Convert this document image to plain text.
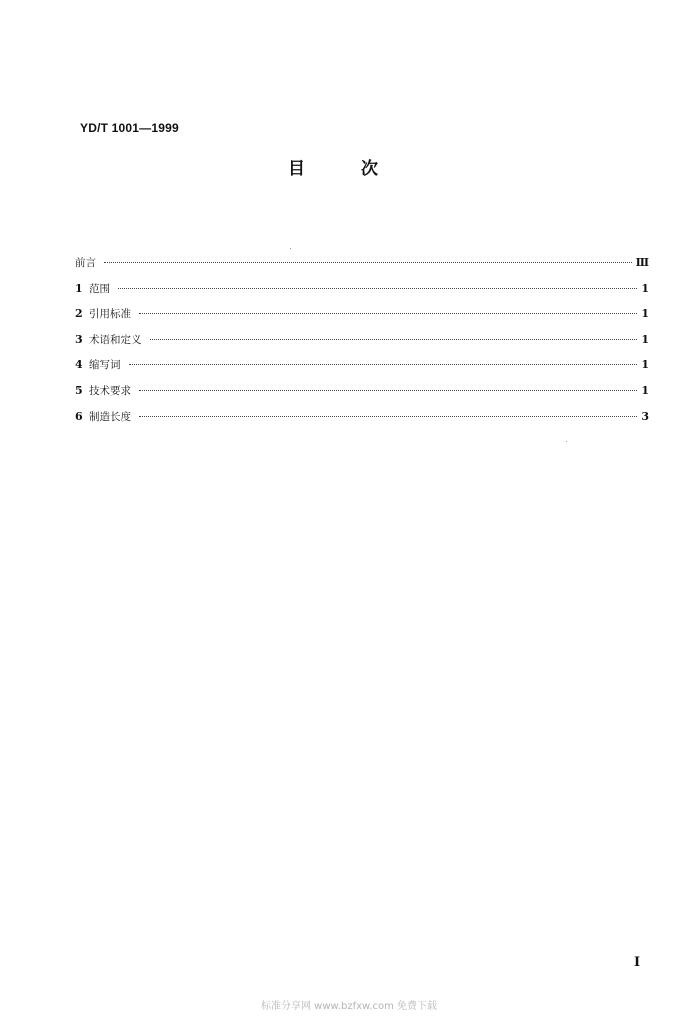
YD/T 1001—1999
目次
前言	Ⅲ
1 范围	1
2 引用标准	1
3 术语和定义	1
4 缩写词	1
5 技术要求	1
6 制造长度	3
I
标准分享网 www.bzfxw.com 免费下载
